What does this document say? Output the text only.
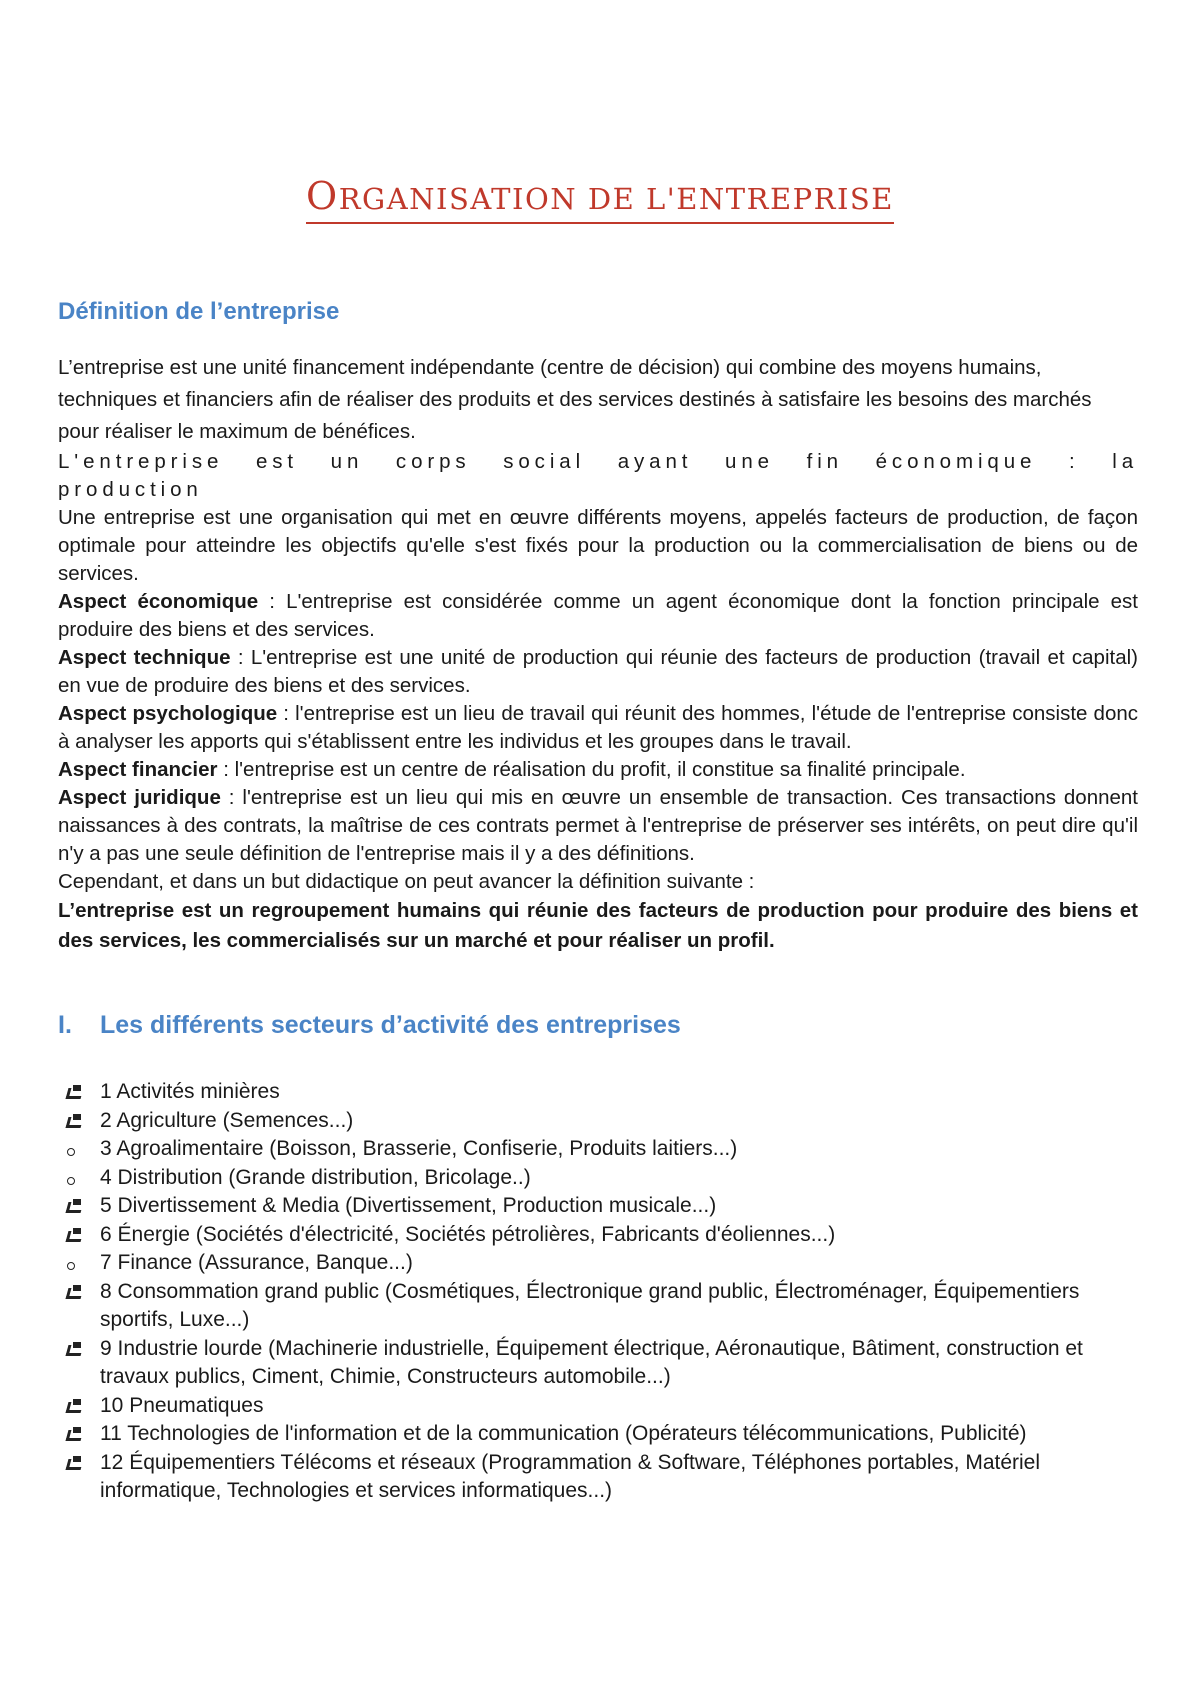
ORGANISATION DE L'ENTREPRISE
Définition de l’entreprise

L’entreprise est une unité financement indépendante (centre de décision) qui combine des moyens humains, techniques et financiers afin de réaliser des produits et des services destinés à satisfaire les besoins des marchés pour réaliser le maximum de bénéfices.

L'entreprise est un corps social ayant une fin économique : la production

Une entreprise est une organisation qui met en œuvre différents moyens, appelés facteurs de production, de façon optimale pour atteindre les objectifs qu'elle s'est fixés pour la production ou la commercialisation de biens ou de services.

Aspect économique : L'entreprise est considérée comme un agent économique dont la fonction principale est produire des biens et des services.

Aspect technique : L'entreprise est une unité de production qui réunie des facteurs de production (travail et capital) en vue de produire des biens et des services.

Aspect psychologique : l'entreprise est un lieu de travail qui réunit des hommes, l'étude de l'entreprise consiste donc à analyser les apports qui s'établissent entre les individus et les groupes dans le travail.

Aspect financier : l'entreprise est un centre de réalisation du profit, il constitue sa finalité principale.

Aspect juridique : l'entreprise est un lieu qui mis en œuvre un ensemble de transaction. Ces transactions donnent naissances à des contrats, la maîtrise de ces contrats permet à l'entreprise de préserver ses intérêts, on peut dire qu'il n'y a pas une seule définition de l'entreprise mais il y a des définitions.

Cependant, et dans un but didactique on peut avancer la définition suivante :

L’entreprise est un regroupement humains qui réunie des facteurs de production pour produire des biens et des services, les commercialisés sur un marché et pour réaliser un profil.

I. Les différents secteurs d’activité des entreprises
1 Activités minières
2 Agriculture (Semences...)
3 Agroalimentaire (Boisson, Brasserie, Confiserie, Produits laitiers...)
4 Distribution (Grande distribution, Bricolage..)
5 Divertissement & Media (Divertissement, Production musicale...)
6 Énergie (Sociétés d'électricité, Sociétés pétrolières, Fabricants d'éoliennes...)
7 Finance (Assurance, Banque...)
8 Consommation grand public (Cosmétiques, Électronique grand public, Électroménager, Équipementiers sportifs, Luxe...)
9 Industrie lourde (Machinerie industrielle, Équipement électrique, Aéronautique, Bâtiment, construction et travaux publics, Ciment, Chimie, Constructeurs automobile...)
10 Pneumatiques
11 Technologies de l'information et de la communication (Opérateurs télécommunications, Publicité)
12 Équipementiers Télécoms et réseaux (Programmation & Software, Téléphones portables, Matériel informatique, Technologies et services informatiques...)
